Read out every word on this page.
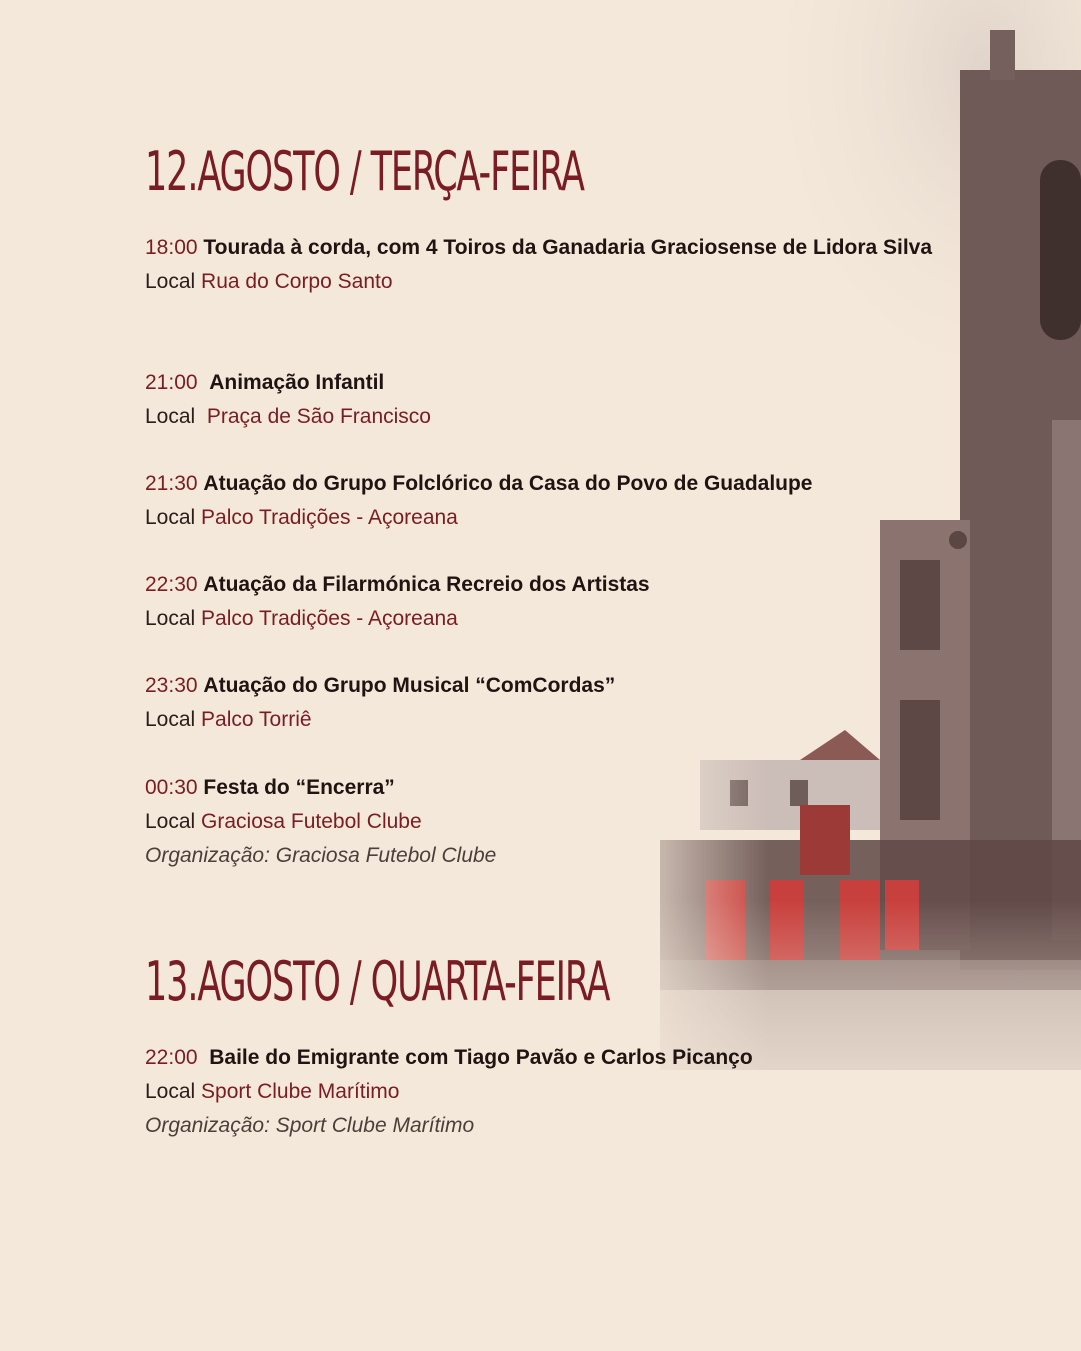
12.AGOSTO / TERÇA-FEIRA
18:00 Tourada à corda, com 4 Toiros da Ganadaria Graciosense de Lidora Silva
Local Rua do Corpo Santo
21:00 Animação Infantil
Local Praça de São Francisco
21:30 Atuação do Grupo Folclórico da Casa do Povo de Guadalupe
Local Palco Tradições - Açoreana
22:30 Atuação da Filarmónica Recreio dos Artistas
Local Palco Tradições - Açoreana
23:30 Atuação do Grupo Musical “ComCordas”
Local Palco Torriê
00:30 Festa do “Encerra”
Local Graciosa Futebol Clube
Organização: Graciosa Futebol Clube
13.AGOSTO / QUARTA-FEIRA
22:00 Baile do Emigrante com Tiago Pavão e Carlos Picanço
Local Sport Clube Marítimo
Organização: Sport Clube Marítimo
